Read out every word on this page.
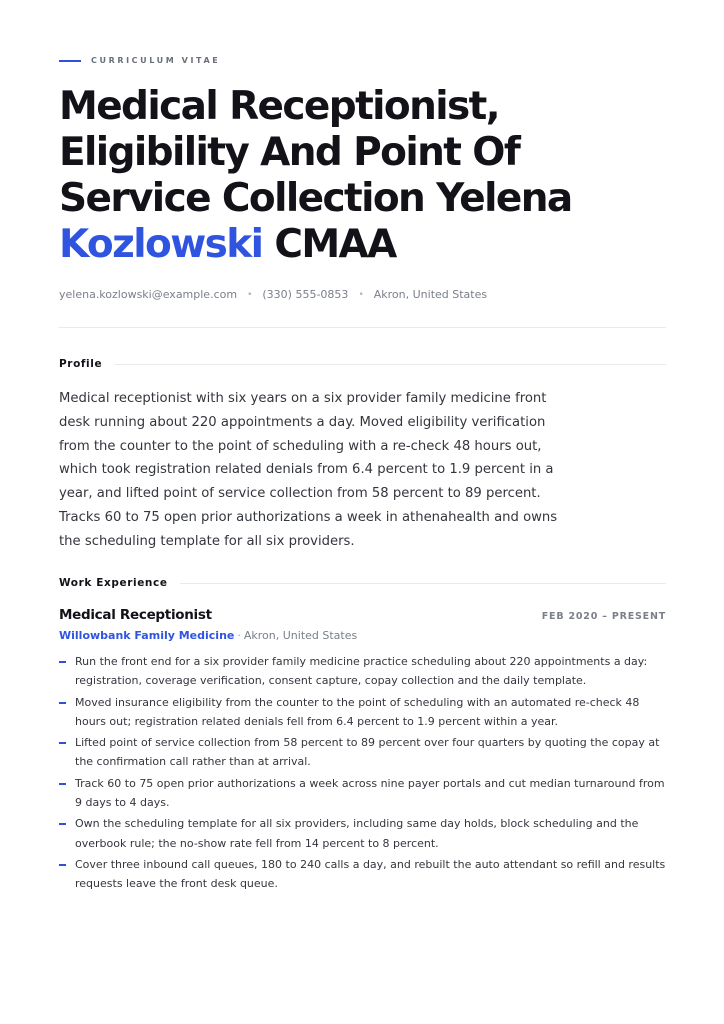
CURRICULUM VITAE
Medical Receptionist, Eligibility And Point Of Service Collection Yelena Kozlowski CMAA
yelena.kozlowski@example.com • (330) 555-0853 • Akron, United States
Profile

Medical receptionist with six years on a six provider family medicine front desk running about 220 appointments a day. Moved eligibility verification from the counter to the point of scheduling with a re-check 48 hours out, which took registration related denials from 6.4 percent to 1.9 percent in a year, and lifted point of service collection from 58 percent to 89 percent. Tracks 60 to 75 open prior authorizations a week in athenahealth and owns the scheduling template for all six providers.

Work Experience
Medical Receptionist	FEB 2020 – PRESENT
Willowbank Family Medicine · Akron, United States
Run the front end for a six provider family medicine practice scheduling about 220 appointments a day: registration, coverage verification, consent capture, copay collection and the daily template.
Moved insurance eligibility from the counter to the point of scheduling with an automated re-check 48 hours out; registration related denials fell from 6.4 percent to 1.9 percent within a year.
Lifted point of service collection from 58 percent to 89 percent over four quarters by quoting the copay at the confirmation call rather than at arrival.
Track 60 to 75 open prior authorizations a week across nine payer portals and cut median turnaround from 9 days to 4 days.
Own the scheduling template for all six providers, including same day holds, block scheduling and the overbook rule; the no-show rate fell from 14 percent to 8 percent.
Cover three inbound call queues, 180 to 240 calls a day, and rebuilt the auto attendant so refill and results requests leave the front desk queue.
